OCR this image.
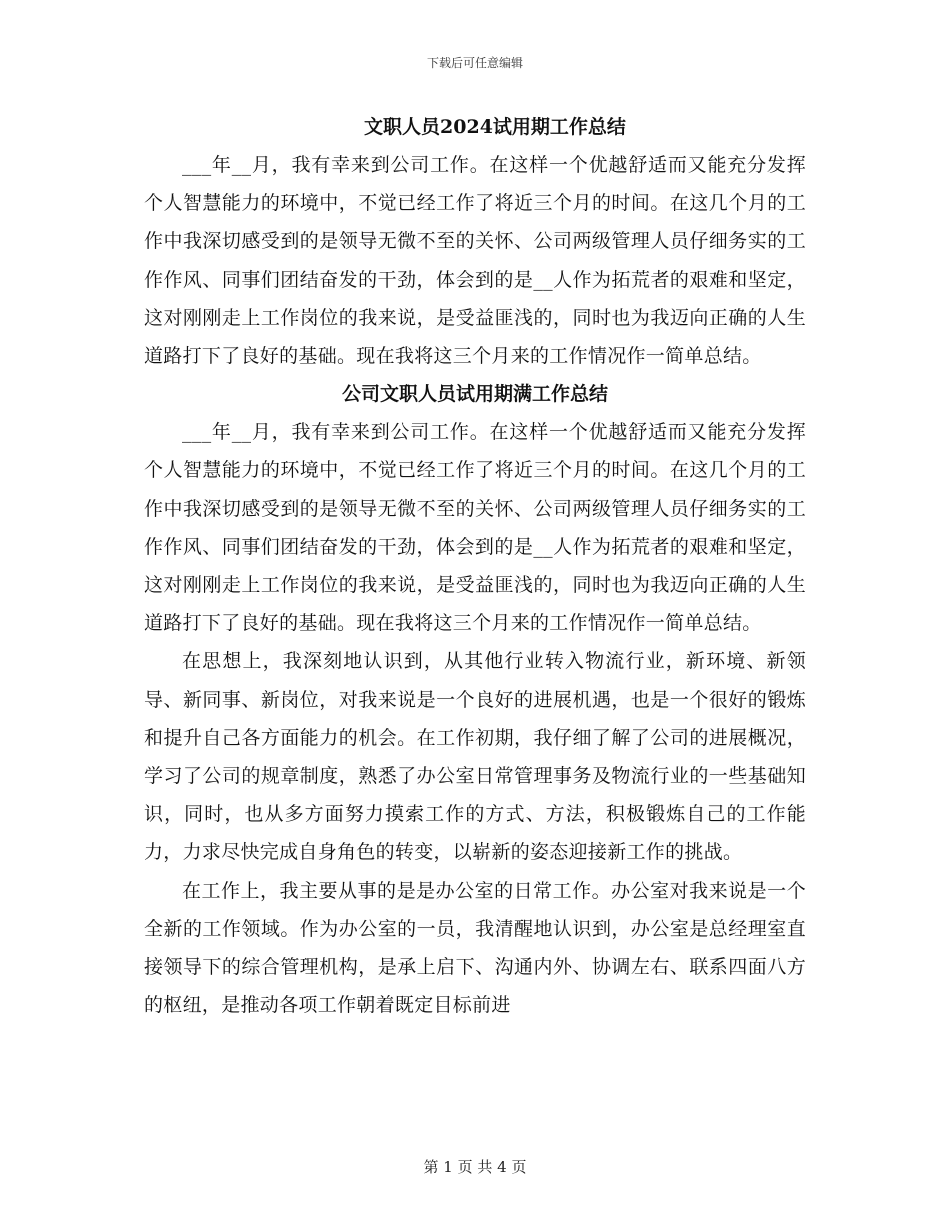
下载后可任意编辑
文职人员2024试用期工作总结

___年__月，我有幸来到公司工作。在这样一个优越舒适而又能充分发挥个人智慧能力的环境中，不觉已经工作了将近三个月的时间。在这几个月的工作中我深切感受到的是领导无微不至的关怀、公司两级管理人员仔细务实的工作作风、同事们团结奋发的干劲，体会到的是__人作为拓荒者的艰难和坚定，这对刚刚走上工作岗位的我来说，是受益匪浅的，同时也为我迈向正确的人生道路打下了良好的基础。现在我将这三个月来的工作情况作一简单总结。

公司文职人员试用期满工作总结

___年__月，我有幸来到公司工作。在这样一个优越舒适而又能充分发挥个人智慧能力的环境中，不觉已经工作了将近三个月的时间。在这几个月的工作中我深切感受到的是领导无微不至的关怀、公司两级管理人员仔细务实的工作作风、同事们团结奋发的干劲，体会到的是__人作为拓荒者的艰难和坚定，这对刚刚走上工作岗位的我来说，是受益匪浅的，同时也为我迈向正确的人生道路打下了良好的基础。现在我将这三个月来的工作情况作一简单总结。

在思想上，我深刻地认识到，从其他行业转入物流行业，新环境、新领导、新同事、新岗位，对我来说是一个良好的进展机遇，也是一个很好的锻炼和提升自己各方面能力的机会。在工作初期，我仔细了解了公司的进展概况，学习了公司的规章制度，熟悉了办公室日常管理事务及物流行业的一些基础知识，同时，也从多方面努力摸索工作的方式、方法，积极锻炼自己的工作能力，力求尽快完成自身角色的转变，以崭新的姿态迎接新工作的挑战。

在工作上，我主要从事的是是办公室的日常工作。办公室对我来说是一个全新的工作领域。作为办公室的一员，我清醒地认识到，办公室是总经理室直接领导下的综合管理机构，是承上启下、沟通内外、协调左右、联系四面八方的枢纽，是推动各项工作朝着既定目标前进

第 1 页 共 4 页
